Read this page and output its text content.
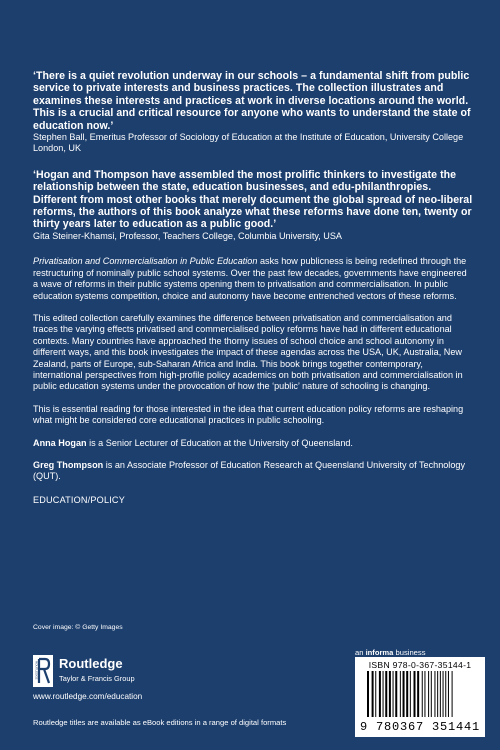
‘There is a quiet revolution underway in our schools – a fundamental shift from public service to private interests and business practices. The collection illustrates and examines these interests and practices at work in diverse locations around the world. This is a crucial and critical resource for anyone who wants to understand the state of education now.’

Stephen Ball, Emeritus Professor of Sociology of Education at the Institute of Education, University College London, UK

‘Hogan and Thompson have assembled the most prolific thinkers to investigate the relationship between the state, education businesses, and edu-philanthropies. Different from most other books that merely document the global spread of neo-liberal reforms, the authors of this book analyze what these reforms have done ten, twenty or thirty years later to education as a public good.’

Gita Steiner-Khamsi, Professor, Teachers College, Columbia University, USA

Privatisation and Commercialisation in Public Education asks how publicness is being redefined through the restructuring of nominally public school systems. Over the past few decades, governments have engineered a wave of reforms in their public systems opening them to privatisation and commercialisation. In public education systems competition, choice and autonomy have become entrenched vectors of these reforms.

This edited collection carefully examines the difference between privatisation and commercialisation and traces the varying effects privatised and commercialised policy reforms have had in different educational contexts. Many countries have approached the thorny issues of school choice and school autonomy in different ways, and this book investigates the impact of these agendas across the USA, UK, Australia, New Zealand, parts of Europe, sub-Saharan Africa and India. This book brings together contemporary, international perspectives from high-profile policy academics on both privatisation and commercialisation in public education systems under the provocation of how the ‘public’ nature of schooling is changing.

This is essential reading for those interested in the idea that current education policy reforms are reshaping what might be considered core educational practices in public schooling.

Anna Hogan is a Senior Lecturer of Education at the University of Queensland.

Greg Thompson is an Associate Professor of Education Research at Queensland University of Technology (QUT).

EDUCATION/POLICY

Cover image: © Getty Images
an informa business
ROUTLEDGE Routledge
Taylor & Francis Group
www.routledge.com/education
Routledge titles are available as eBook editions in a range of digital formats
ISBN 978-0-367-35144-1
9 780367 351441
